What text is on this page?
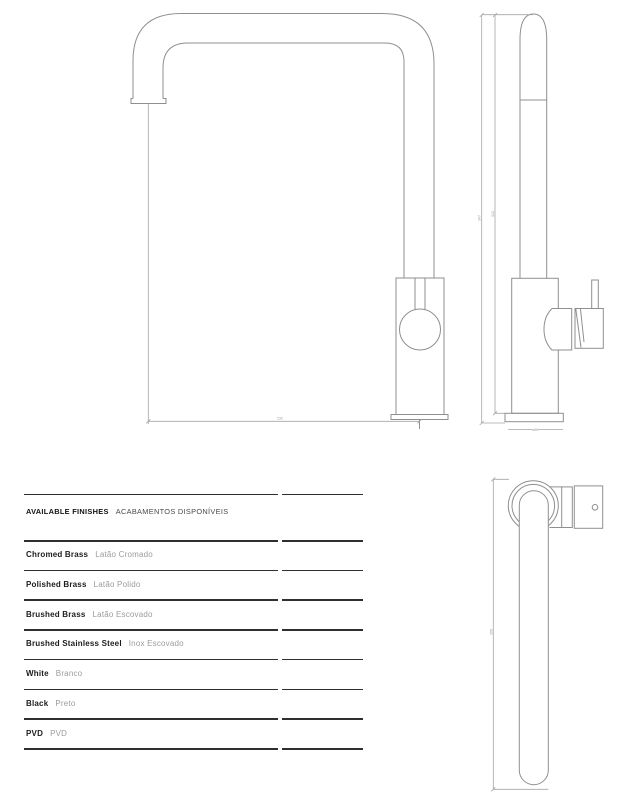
232
ø50
347
312
265
AVAILABLE FINISHES ACABAMENTOS DISPONÍVEIS
Chromed Brass Latão Cromado
Polished Brass Latão Polido
Brushed Brass Latão Escovado
Brushed Stainless Steel Inox Escovado
White Branco
Black Preto
PVD PVD
